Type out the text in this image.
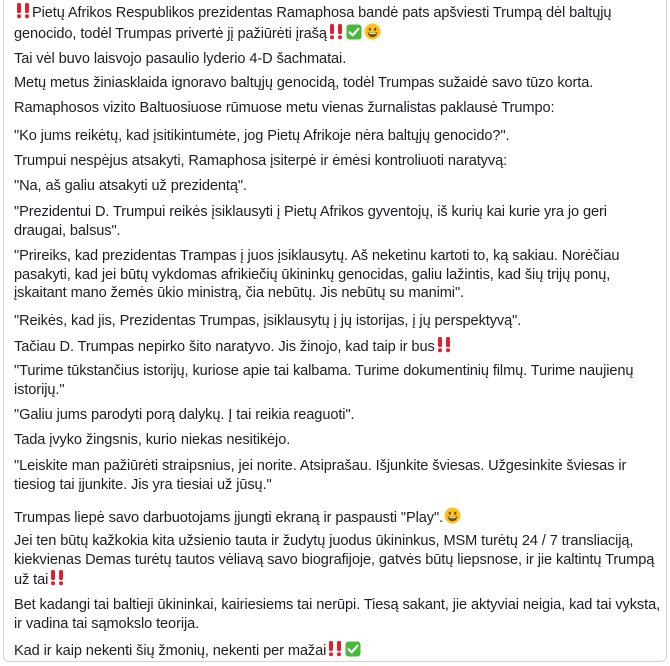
Pietų Afrikos Respublikos prezidentas Ramaphosa bandė pats apšviesti Trumpą dėl baltųjų genocido, todėl Trumpas privertė jį pažiūrėti įrašą

Tai vėl buvo laisvojo pasaulio lyderio 4-D šachmatai.

Metų metus žiniasklaida ignoravo baltųjų genocidą, todėl Trumpas sužaidė savo tūzo korta.

Ramaphosos vizito Baltuosiuose rūmuose metu vienas žurnalistas paklausė Trumpo:

"Ko jums reikėtų, kad įsitikintumėte, jog Pietų Afrikoje nėra baltųjų genocido?".

Trumpui nespėjus atsakyti, Ramaphosa įsiterpė ir ėmėsi kontroliuoti naratyvą:

"Na, aš galiu atsakyti už prezidentą".

"Prezidentui D. Trumpui reikės įsiklausyti į Pietų Afrikos gyventojų, iš kurių kai kurie yra jo geri draugai, balsus".

"Prireiks, kad prezidentas Trampas į juos įsiklausytų. Aš neketinu kartoti to, ką sakiau. Norėčiau pasakyti, kad jei būtų vykdomas afrikiečių ūkininkų genocidas, galiu lažintis, kad šių trijų ponų, įskaitant mano žemės ūkio ministrą, čia nebūtų. Jis nebūtų su manimi".

"Reikės, kad jis, Prezidentas Trumpas, įsiklausytų į jų istorijas, į jų perspektyvą".

Tačiau D. Trumpas nepirko šito naratyvo. Jis žinojo, kad taip ir bus

"Turime tūkstančius istorijų, kuriose apie tai kalbama. Turime dokumentinių filmų. Turime naujienų istorijų."

"Galiu jums parodyti porą dalykų. Į tai reikia reaguoti".

Tada įvyko žingsnis, kurio niekas nesitikėjo.

"Leiskite man pažiūrėti straipsnius, jei norite. Atsiprašau. Išjunkite šviesas. Užgesinkite šviesas ir tiesiog tai įjunkite. Jis yra tiesiai už jūsų."

Trumpas liepė savo darbuotojams įjungti ekraną ir paspausti "Play".

Jei ten būtų kažkokia kita užsienio tauta ir žudytų juodus ūkininkus, MSM turėtų 24 / 7 transliaciją, kiekvienas Demas turėtų tautos vėliavą savo biografijoje, gatvės būtų liepsnose, ir jie kaltintų Trumpą už tai

Bet kadangi tai baltieji ūkininkai, kairiesiems tai nerūpi. Tiesą sakant, jie aktyviai neigia, kad tai vyksta, ir vadina tai sąmokslo teorija.

Kad ir kaip nekenti šių žmonių, nekenti per mažai
